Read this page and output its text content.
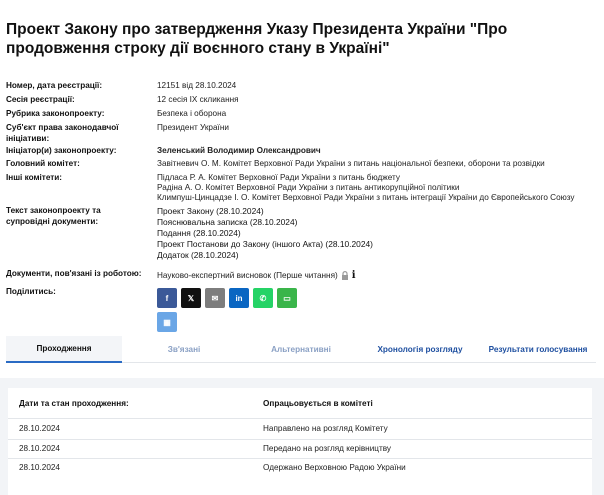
Проект Закону про затвердження Указу Президента України "Про продовження строку дії воєнного стану в Україні"
Номер, дата реєстрації:	12151 від 28.10.2024
Сесія реєстрації:	12 сесія IX скликання
Рубрика законопроекту:	Безпека і оборона
Суб'єкт права законодавчої ініціативи:
Президент України
Ініціатор(и) законопроекту:	Зеленський Володимир Олександрович
Головний комітет:	Завітневич О. М. Комітет Верховної Ради України з питань національної безпеки, оборони та розвідки
Інші комітети:	Підласа Р. А. Комітет Верховної Ради України з питань бюджету
Радіна А. О. Комітет Верховної Ради України з питань антикорупційної політики
Климпуш-Цинцадзе І. О. Комітет Верховної Ради України з питань інтеграції України до Європейського Союзу
Текст законопроекту та супровідні документи:
Проект Закону (28.10.2024)
Пояснювальна записка (28.10.2024)
Подання (28.10.2024)
Проект Постанови до Закону (іншого Акта) (28.10.2024)
Додаток (28.10.2024)
Документи, пов'язані із роботою:	Науково-експертний висновок (Перше читання) i
Поділитись:
f 𝕏 ✉ in ✆ ▭
▦
Проходження	Зв'язані	Альтернативні	Хронологія розгляду	Результати голосування
Дати та стан проходження:	Опрацьовується в комітеті
28.10.2024	Направлено на розгляд Комітету
28.10.2024	Передано на розгляд керівництву
28.10.2024	Одержано Верховною Радою України
